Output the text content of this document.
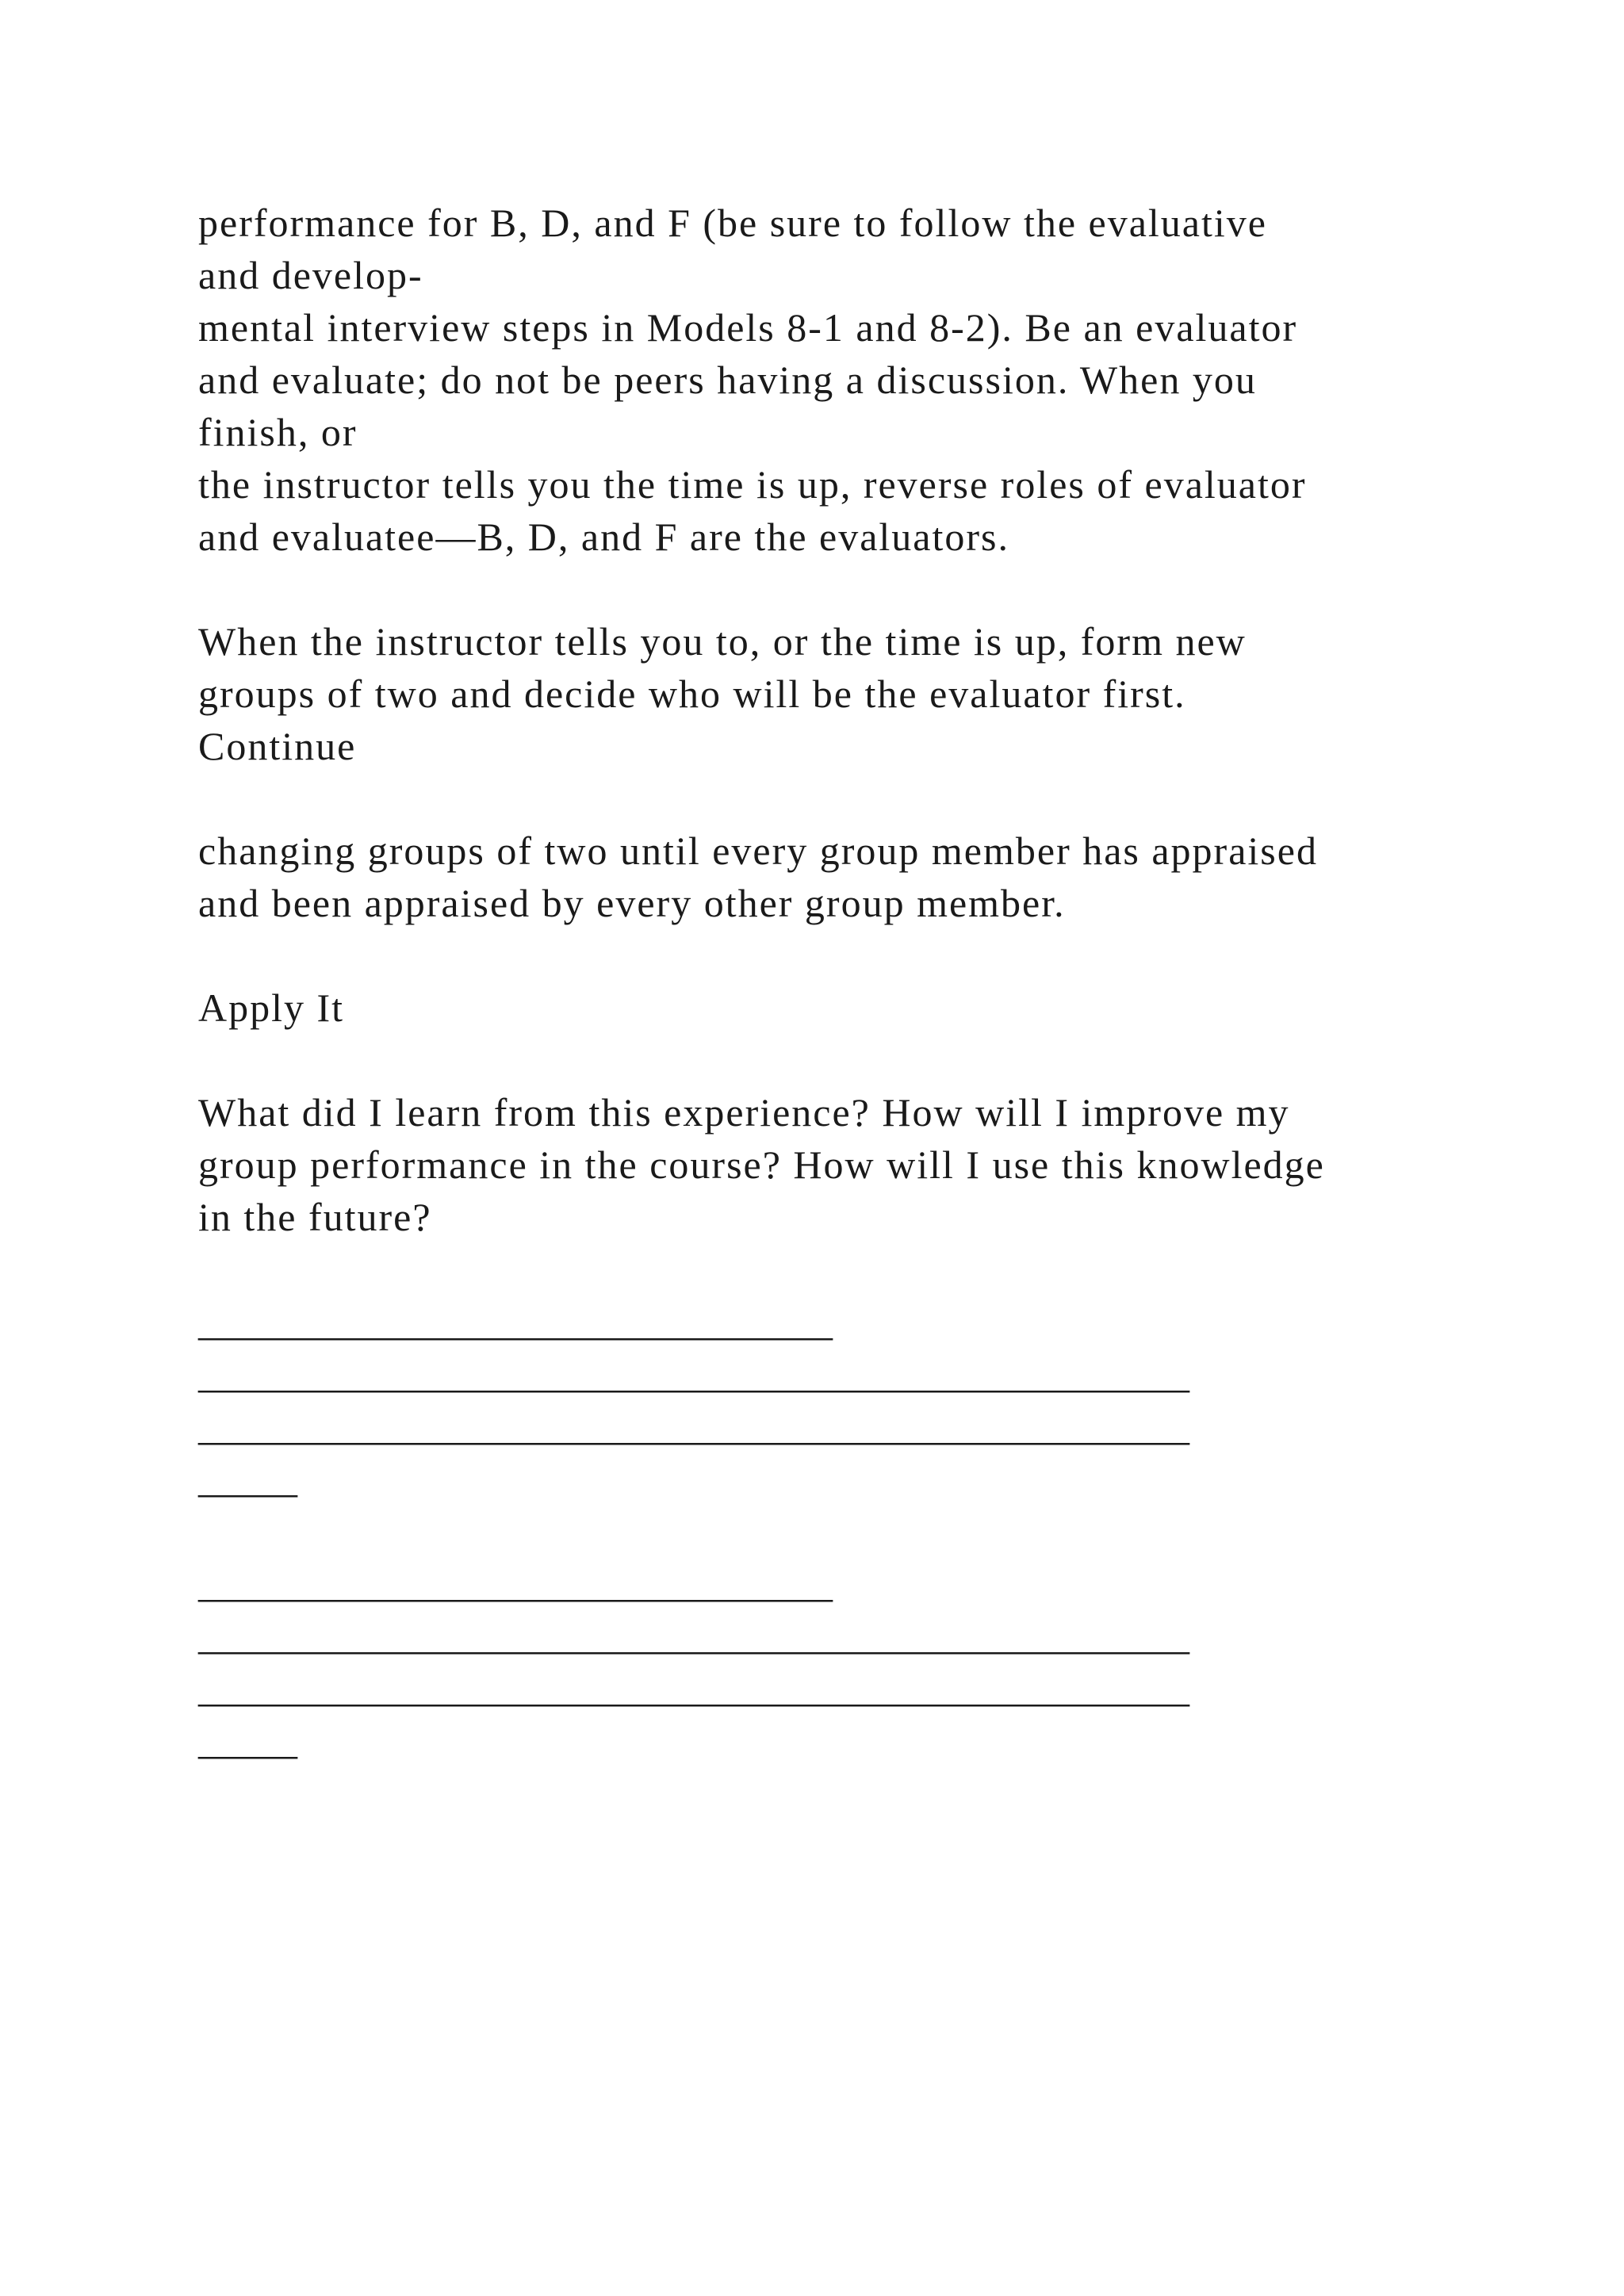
performance for B, D, and F (be sure to follow the evaluative
and develop-
mental interview steps in Models 8-1 and 8-2). Be an evaluator
and evaluate; do not be peers having a discussion. When you
finish, or
the instructor tells you the time is up, reverse roles of evaluator
and evaluatee—B, D, and F are the evaluators.
When the instructor tells you to, or the time is up, form new
groups of two and decide who will be the evaluator first.
Continue
changing groups of two until every group member has appraised
and been appraised by every other group member.
Apply It
What did I learn from this experience? How will I improve my
group performance in the course? How will I use this knowledge
in the future?
________________________________
__________________________________________________
__________________________________________________
_____
________________________________
__________________________________________________
__________________________________________________
_____
